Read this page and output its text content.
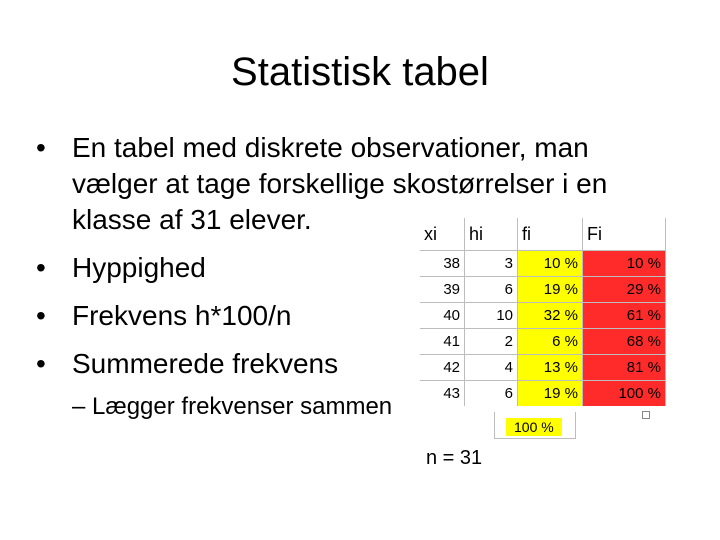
Statistisk tabel
• En tabel med diskrete observationer, man vælger at tage forskellige skostørrelser i en klasse af 31 elever.
• Hyppighed
• Frekvens h*100/n
• Summerede frekvens
– Lægger frekvenser sammen
xi	hi	fi	Fi
38	3	10 %	10 %
39	6	19 %	29 %
40	10	32 %	61 %
41	2	6 %	68 %
42	4	13 %	81 %
43	6	19 %	100 %
100 %
n = 31
